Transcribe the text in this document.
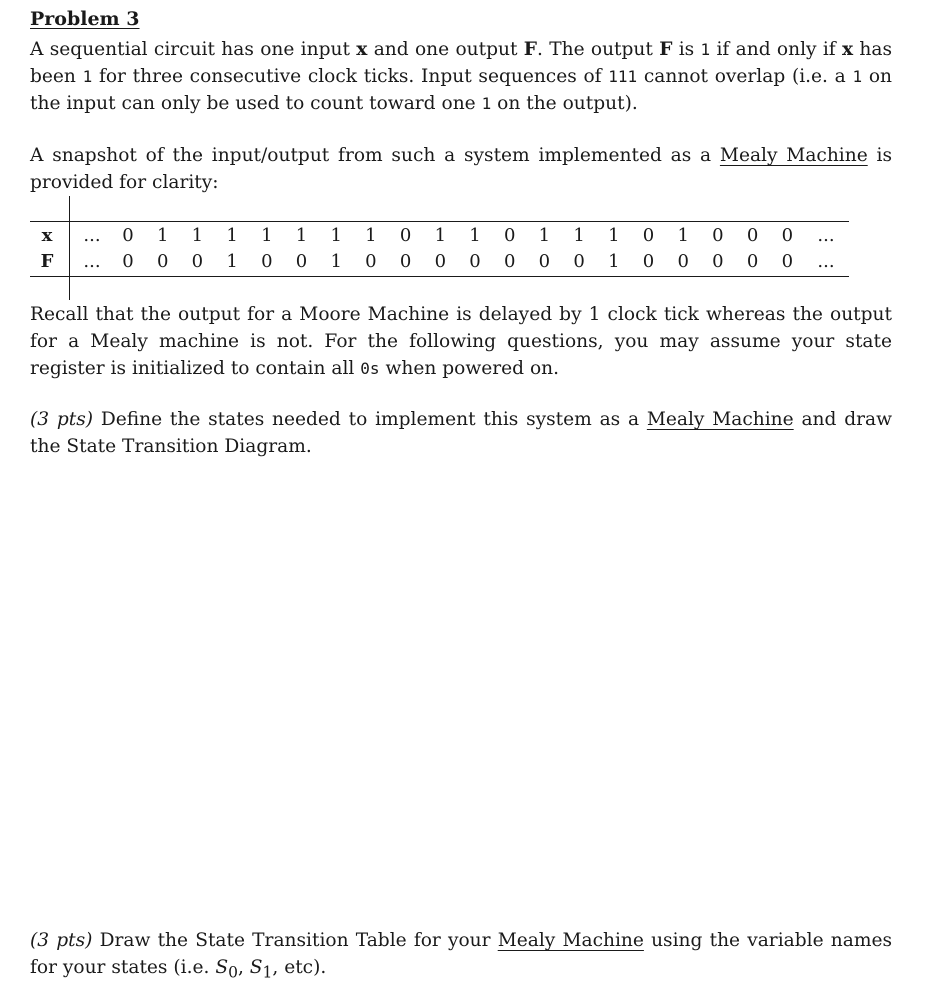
Problem 3

A sequential circuit has one input x and one output F. The output F is 1 if and only if x has been 1 for three consecutive clock ticks. Input sequences of 111 cannot overlap (i.e. a 1 on the input can only be used to count toward one 1 on the output).

A snapshot of the input/output from such a system implemented as a Mealy Machine is provided for clarity:

x	...	0	1	1	1	1	1	1	1	0	1	1	0	1	1	1	0	1	0	0	0	...
F	...	0	0	0	1	0	0	1	0	0	0	0	0	0	0	1	0	0	0	0	0	...

Recall that the output for a Moore Machine is delayed by 1 clock tick whereas the output for a Mealy machine is not. For the following questions, you may assume your state register is initialized to contain all 0s when powered on.

(3 pts) Define the states needed to implement this system as a Mealy Machine and draw the State Transition Diagram.

(3 pts) Draw the State Transition Table for your Mealy Machine using the variable names for your states (i.e. $S_0$, $S_1$, etc).
